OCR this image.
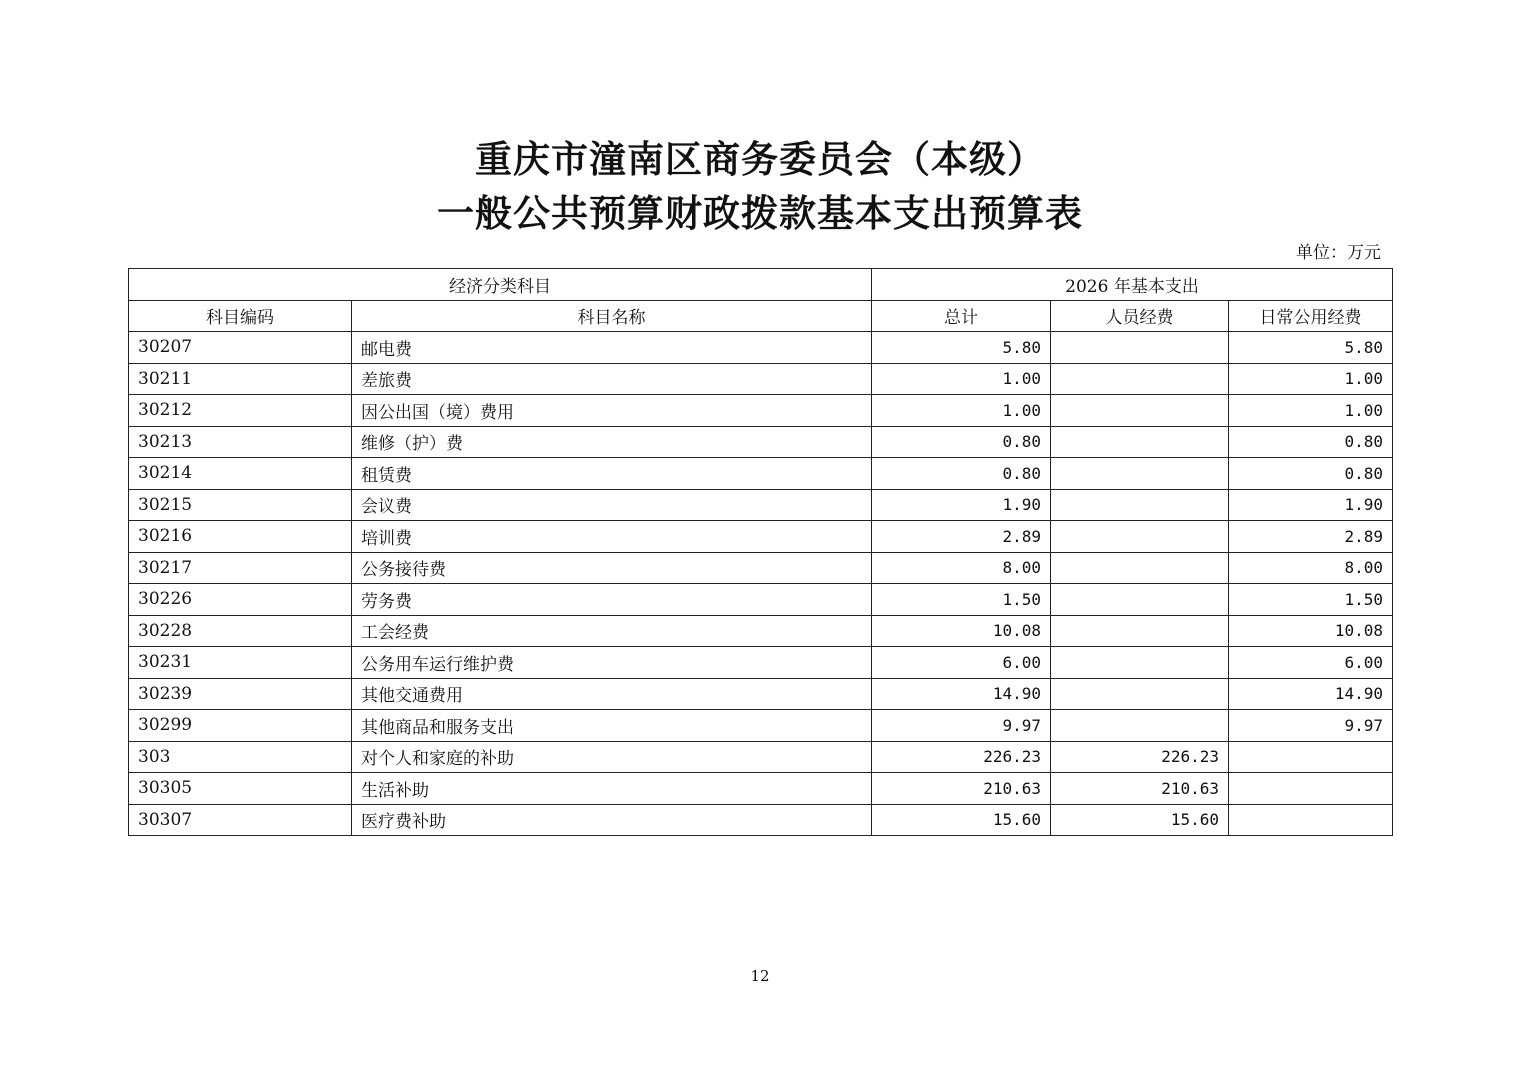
重庆市潼南区商务委员会（本级）
一般公共预算财政拨款基本支出预算表
单位：万元
经济分类科目		2026 年基本支出		
科目编码	科目名称	总计	人员经费	日常公用经费
30207	邮电费	5.80		5.80
30211	差旅费	1.00		1.00
30212	因公出国（境）费用	1.00		1.00
30213	维修（护）费	0.80		0.80
30214	租赁费	0.80		0.80
30215	会议费	1.90		1.90
30216	培训费	2.89		2.89
30217	公务接待费	8.00		8.00
30226	劳务费	1.50		1.50
30228	工会经费	10.08		10.08
30231	公务用车运行维护费	6.00		6.00
30239	其他交通费用	14.90		14.90
30299	其他商品和服务支出	9.97		9.97
303	对个人和家庭的补助	226.23	226.23	
30305	生活补助	210.63	210.63	
30307	医疗费补助	15.60	15.60	
12
